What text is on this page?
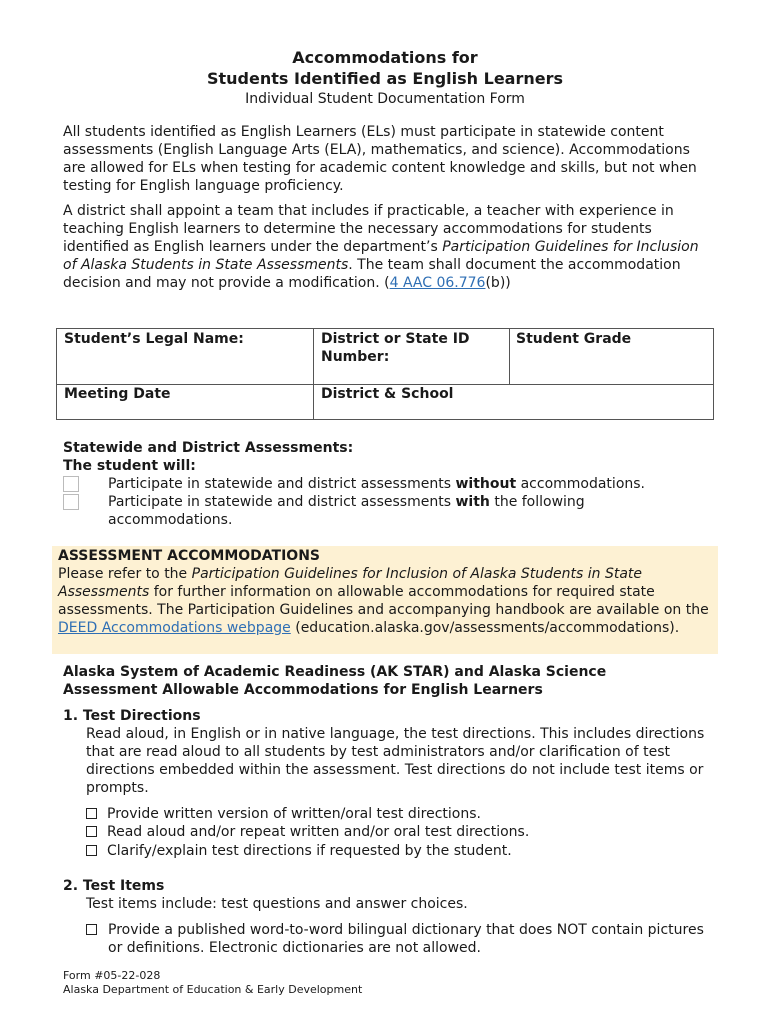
Accommodations for
Students Identified as English Learners
Individual Student Documentation Form
All students identified as English Learners (ELs) must participate in statewide content assessments (English Language Arts (ELA), mathematics, and science). Accommodations are allowed for ELs when testing for academic content knowledge and skills, but not when testing for English language proficiency.
A district shall appoint a team that includes if practicable, a teacher with experience in teaching English learners to determine the necessary accommodations for students identified as English learners under the department’s Participation Guidelines for Inclusion of Alaska Students in State Assessments. The team shall document the accommodation decision and may not provide a modification. (4 AAC 06.776(b))
Student’s Legal Name:	District or State ID Number:
Student Grade
Meeting Date	District & School
Statewide and District Assessments:
The student will:
Participate in statewide and district assessments without accommodations.
Participate in statewide and district assessments with the following accommodations.
ASSESSMENT ACCOMMODATIONS
Please refer to the Participation Guidelines for Inclusion of Alaska Students in State Assessments for further information on allowable accommodations for required state assessments. The Participation Guidelines and accompanying handbook are available on the DEED Accommodations webpage (education.alaska.gov/assessments/accommodations).
Alaska System of Academic Readiness (AK STAR) and Alaska Science Assessment Allowable Accommodations for English Learners
1. Test Directions
Read aloud, in English or in native language, the test directions. This includes directions that are read aloud to all students by test administrators and/or clarification of test directions embedded within the assessment. Test directions do not include test items or prompts.
Provide written version of written/oral test directions.
Read aloud and/or repeat written and/or oral test directions.
Clarify/explain test directions if requested by the student.
2. Test Items
Test items include: test questions and answer choices.
Provide a published word-to-word bilingual dictionary that does NOT contain pictures or definitions. Electronic dictionaries are not allowed.
Form #05-22-028
Alaska Department of Education & Early Development
